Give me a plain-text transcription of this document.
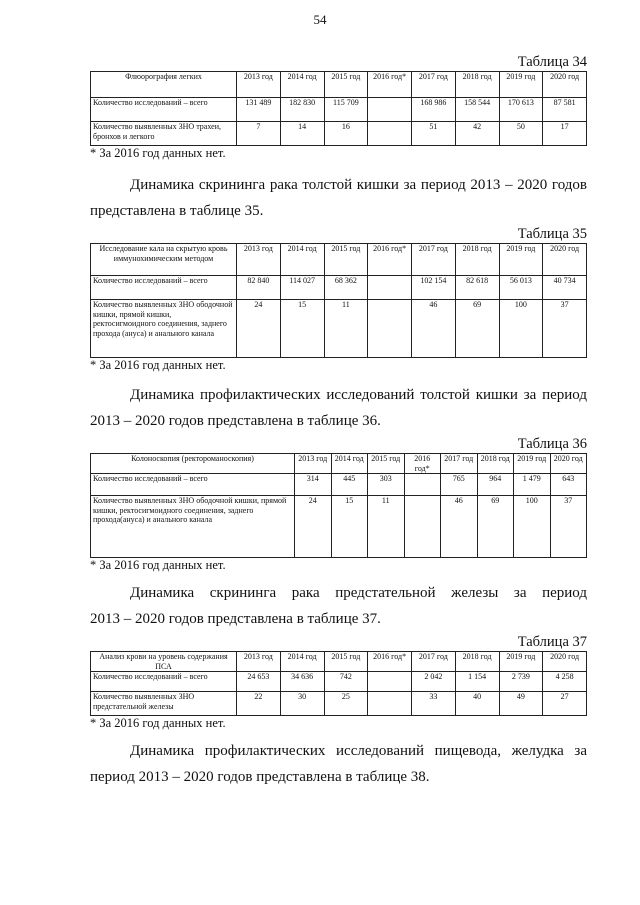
54
Таблица 34
Флюорография легких	2013 год	2014 год	2015 год	2016 год*	2017 год	2018 год	2019 год	2020 год
Количество исследований – всего	131 489	182 830	115 709		168 986	158 544	170 613	87 581
Количество выявленных ЗНО трахеи, бронхов и легкого	7	14	16		51	42	50	17
* За 2016 год данных нет.
Динамика скрининга рака толстой кишки за период 2013 – 2020 годов
представлена в таблице 35.
Таблица 35
Исследование кала на скрытую кровь иммунохимическим методом	2013 год	2014 год	2015 год	2016 год*	2017 год	2018 год	2019 год	2020 год
Количество исследований – всего	82 840	114 027	68 362		102 154	82 618	56 013	40 734
Количество выявленных ЗНО ободочной кишки, прямой кишки, ректосигмоидного соединения, заднего прохода (ануса) и анального канала	24	15	11		46	69	100	37
* За 2016 год данных нет.
Динамика профилактических исследований толстой кишки за период
2013 – 2020 годов представлена в таблице 36.
Таблица 36
Колоноскопия (ректороманоскопия)	2013 год	2014 год	2015 год	2016 год*	2017 год	2018 год	2019 год	2020 год
Количество исследований – всего	314	445	303		765	964	1 479	643
Количество выявленных ЗНО ободочной кишки, прямой кишки, ректосигмоидного соединения, заднего прохода(ануса) и анального канала	24	15	11		46	69	100	37
* За 2016 год данных нет.
Динамика скрининга рака предстательной железы за период
2013 – 2020 годов представлена в таблице 37.
Таблица 37
Анализ крови на уровень содержания ПСА	2013 год	2014 год	2015 год	2016 год*	2017 год	2018 год	2019 год	2020 год
Количество исследований – всего	24 653	34 636	742		2 042	1 154	2 739	4 258
Количество выявленных ЗНО предстательной железы	22	30	25		33	40	49	27
* За 2016 год данных нет.
Динамика профилактических исследований пищевода, желудка за
период 2013 – 2020 годов представлена в таблице 38.
